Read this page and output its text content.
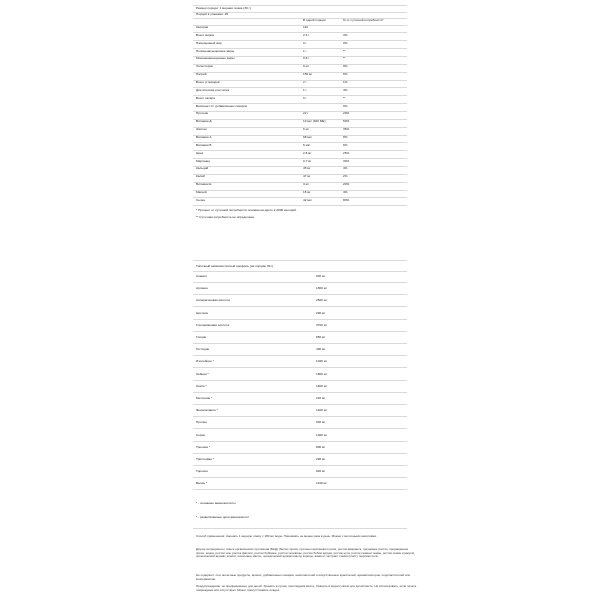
Размер порции: 1 мерная ложка (39 г)
Порций в упаковке: 26
В одной порции	% от суточной потребности*
Калории	110
Всего жиров	2.5 г	3%
Насыщенный жир	0 г	0%
Полиненасыщенные жиры	1 г	**
Мононенасыщенные жиры	0.5 г	**
Холестерин	0 мг	0%
Натрий	150 мг	6%
Всего углеводов	2 г	1%
Диетическая клетчатка	1 г	4%
Всего сахара	0 г	**
Включает 0 г добавленных сахаров	0%
Протеин	22 г	29%
Витамин Д	10 мкг (400 МЕ)	50%
Железо	6 мг	35%
Витамин А	68 мкг	8%
Витамин B	5 мкг	6%
Цинк	2.8 мг	25%
Марганец	0.7 мг	30%
Кальций	45 мг	4%
Калий	47 мг	2%
Витамин Е	3 мг	20%
Магний	15 мг	4%
Селен	42 мкг	80%
* Процент от суточной потребности основан на диете в 2000 калорий.
** Суточная потребность не определена.
Типичный аминокислотный профиль (на порцию 39 г)
Аланин	930 мг
Аргинин	1800 мг
Аспарагиновая кислота	2500 мг
Цистеин	290 мг
Глютаминовая кислота	3700 мг
Глицин	850 мг
Гистидин	490 мг
Изолейцин *	1020 мг
Лейцин *	1800 мг
Лизин *	1600 мг
Метионин *	240 мг
Фенилаланин *	1400 мг
Пролин	930 мг
Серин	1300 мг
Треонин *	800 мг
Триптофан *	290 мг
Тирозин	920 мг
Валин *	1190 мг
* - основные аминокислоты
* - разветвлённые цепи аминокислот
Способ применения: смешать 1 мерную ложку с 180 мл воды. Принимать не менее раза в день. Можно с молочными напитками.
Другие ингредиенты: смесь органических протеинов (БАД) (белок гороха, протеин коричневого риса, росток амаранта, гречневые ростки, проращенное просо, киноа, росток чиа, росток фасоли, ростки бобовые, ростки чечевицы, росток бобов адзуки, росток нута, росток семени тыквы, ростки семян кунжута), органический аромат, ксилит, кокосовое масло, органический ароматизатор корицы, ванили, экстракт стевии (лист), морская соль.
Не содержит: соя, молочные продукты, арахис, добавленных сахаров, наполнителей и искусственных красителей, ароматизаторов, подсластителей или консервантов.
Предупреждение: не предназначено для детей. Хранить в сухом, прохладном месте. Хранить в недоступном для детей месте. Не использовать, если печать повреждена или отсутствует. Может присутствовать осадок.
